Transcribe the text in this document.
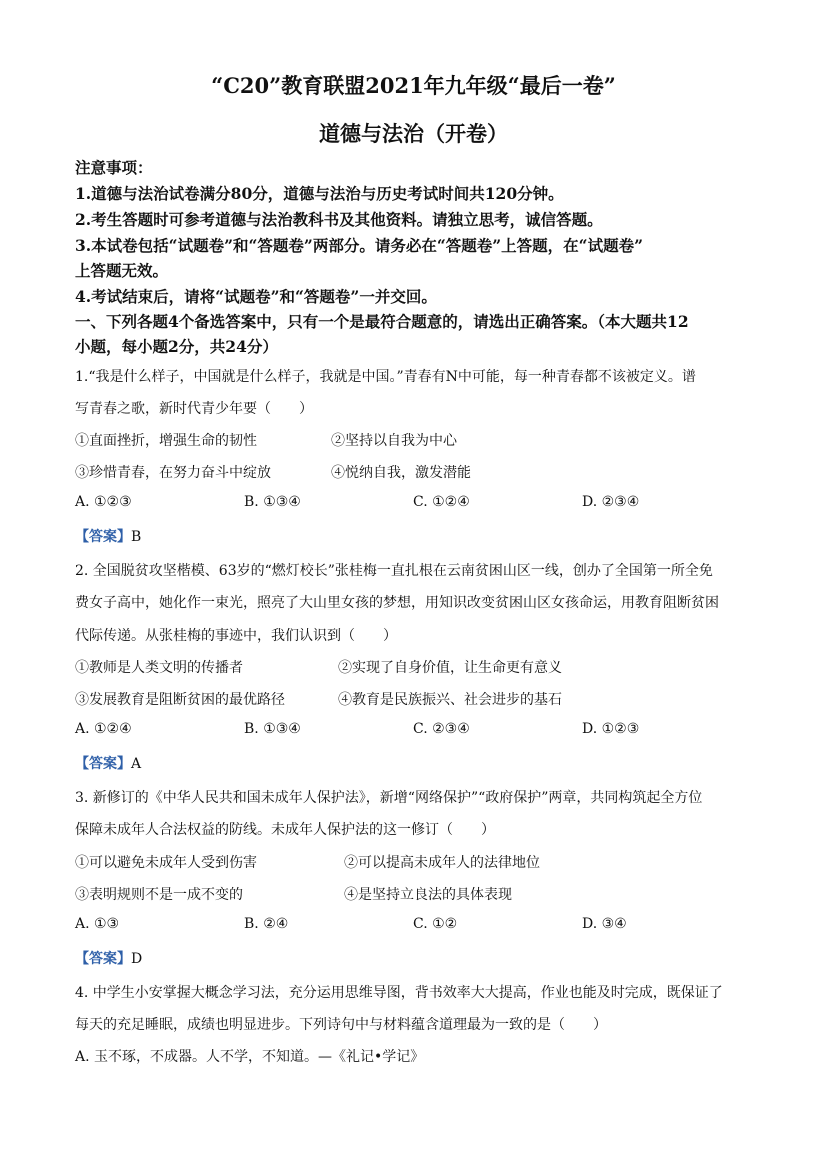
“C20”教育联盟2021年九年级“最后一卷”
道德与法治（开卷）
注意事项：
1.道德与法治试卷满分80分，道德与法治与历史考试时间共120分钟。
2.考生答题时可参考道德与法治教科书及其他资料。请独立思考，诚信答题。
3.本试卷包括“试题卷”和“答题卷”两部分。请务必在“答题卷”上答题，在“试题卷”
上答题无效。
4.考试结束后，请将“试题卷”和“答题卷”一并交回。
一、下列各题4个备选答案中，只有一个是最符合题意的，请选出正确答案。（本大题共12
小题，每小题2分，共24分）
1.“我是什么样子，中国就是什么样子，我就是中国。”青春有N中可能，每一种青春都不该被定义。谱
写青春之歌，新时代青少年要（　　）
①直面挫折，增强生命的韧性	②坚持以自我为中心
③珍惜青春，在努力奋斗中绽放	④悦纳自我，激发潜能
A. ①②③	B. ①③④	C. ①②④	D. ②③④
【答案】B
2. 全国脱贫攻坚楷模、63岁的“燃灯校长”张桂梅一直扎根在云南贫困山区一线，创办了全国第一所全免
费女子高中，她化作一束光，照亮了大山里女孩的梦想，用知识改变贫困山区女孩命运，用教育阻断贫困
代际传递。从张桂梅的事迹中，我们认识到（　　）
①教师是人类文明的传播者	②实现了自身价值，让生命更有意义
③发展教育是阻断贫困的最优路径	④教育是民族振兴、社会进步的基石
A. ①②④	B. ①③④	C. ②③④	D. ①②③
【答案】A
3. 新修订的《中华人民共和国未成年人保护法》，新增“网络保护”“政府保护”两章，共同构筑起全方位
保障未成年人合法权益的防线。未成年人保护法的这一修订（　　）
①可以避免未成年人受到伤害	②可以提高未成年人的法律地位
③表明规则不是一成不变的	④是坚持立良法的具体表现
A. ①③	B. ②④	C. ①②	D. ③④
【答案】D
4. 中学生小安掌握大概念学习法，充分运用思维导图，背书效率大大提高，作业也能及时完成，既保证了
每天的充足睡眠，成绩也明显进步。下列诗句中与材料蕴含道理最为一致的是（　　）
A. 玉不琢，不成器。人不学，不知道。—《礼记•学记》
